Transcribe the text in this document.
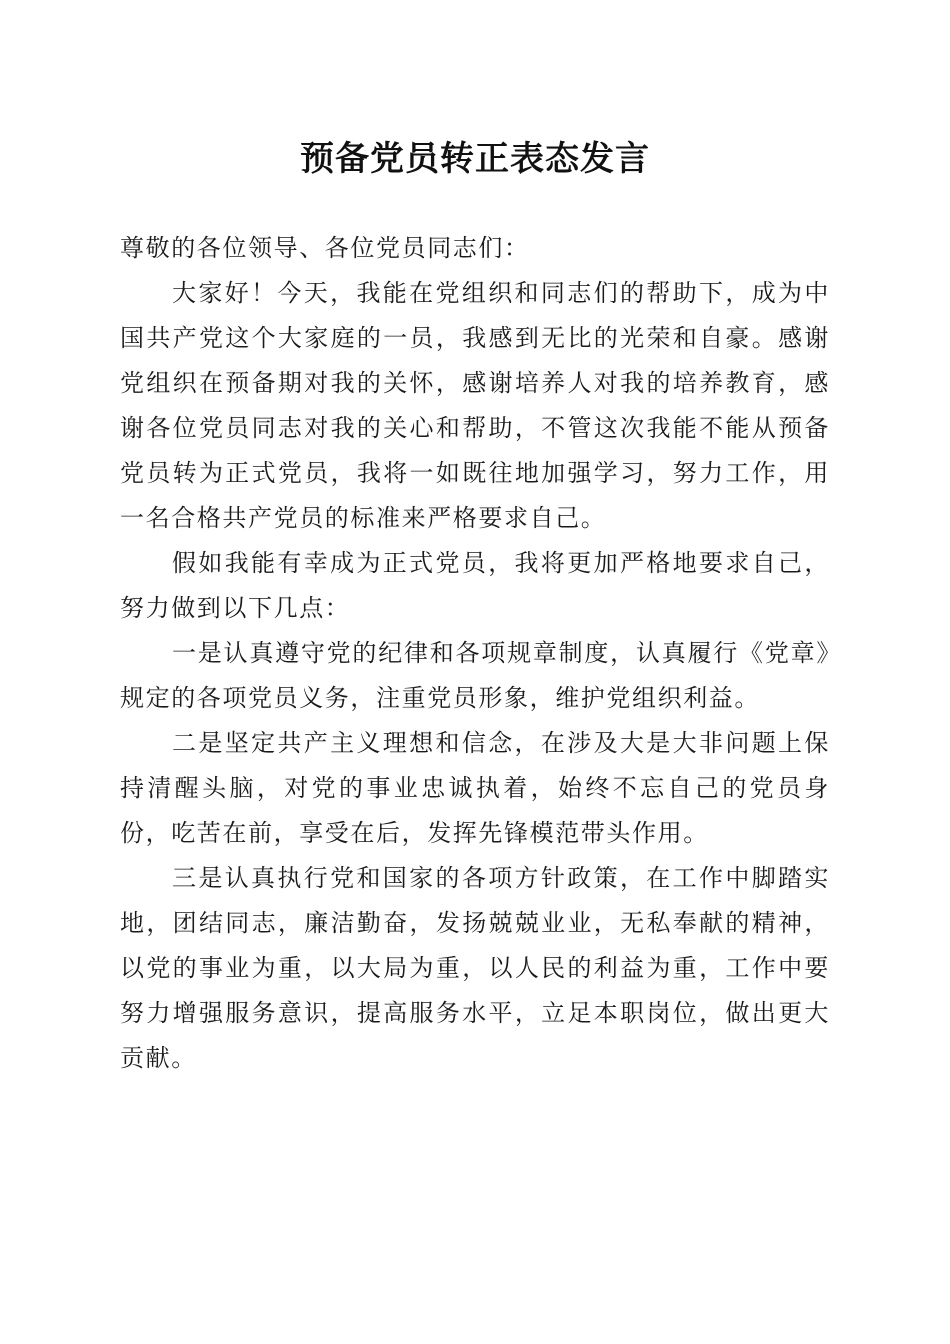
预备党员转正表态发言

尊敬的各位领导、各位党员同志们：

大家好！今天，我能在党组织和同志们的帮助下，成为中国共产党这个大家庭的一员，我感到无比的光荣和自豪。感谢党组织在预备期对我的关怀，感谢培养人对我的培养教育，感谢各位党员同志对我的关心和帮助，不管这次我能不能从预备党员转为正式党员，我将一如既往地加强学习，努力工作，用一名合格共产党员的标准来严格要求自己。

假如我能有幸成为正式党员，我将更加严格地要求自己，努力做到以下几点：

一是认真遵守党的纪律和各项规章制度，认真履行《党章》规定的各项党员义务，注重党员形象，维护党组织利益。

二是坚定共产主义理想和信念，在涉及大是大非问题上保持清醒头脑，对党的事业忠诚执着，始终不忘自己的党员身份，吃苦在前，享受在后，发挥先锋模范带头作用。

三是认真执行党和国家的各项方针政策，在工作中脚踏实地，团结同志，廉洁勤奋，发扬兢兢业业，无私奉献的精神，以党的事业为重，以大局为重，以人民的利益为重，工作中要努力增强服务意识，提高服务水平，立足本职岗位，做出更大贡献。
